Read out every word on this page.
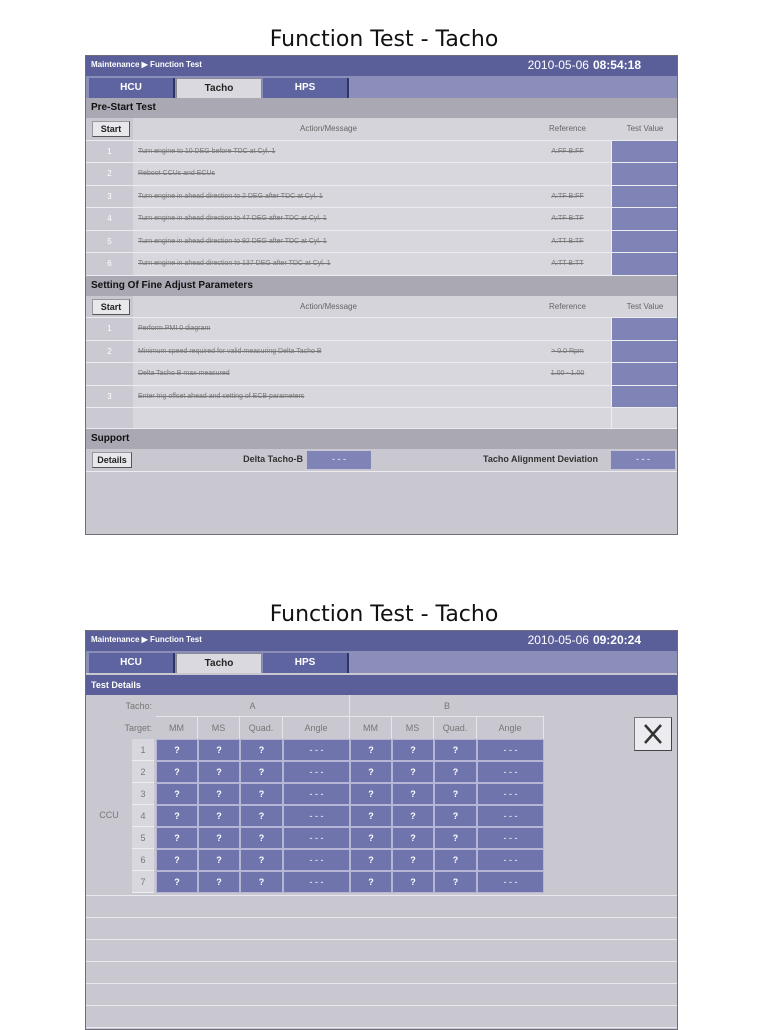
Function Test - Tacho
Maintenance ▶ Function Test	2010-05-06 08:54:18
HCU	Tacho	HPS
Pre-Start Test
Start	Action/Message	Reference	Test Value
1	Turn engine to 10 DEG before TDC at Cyl. 1	A:FF B:FF
2	Reboot CCUs and ECUs
3	Turn engine in ahead direction to 2 DEG after TDC at Cyl. 1	A:TF B:FF
4	Turn engine in ahead direction to 47 DEG after TDC at Cyl. 1	A:TF B:TF
5	Turn engine in ahead direction to 92 DEG after TDC at Cyl. 1	A:TT B:TF
6	Turn engine in ahead direction to 137 DEG after TDC at Cyl. 1	A:TT B:TT
Setting Of Fine Adjust Parameters
Start	Action/Message	Reference	Test Value
1	Perform PMI 0 diagram
2	Minimum speed required for valid measuring Delta Tacho B	> 0.0 Rpm
Delta Tacho B max measured	1.00 - 1.00
3	Enter trig offset ahead and setting of ECB parameters
Support
Details	Delta Tacho-B	- - -	Tacho Alignment Deviation	- - -
Function Test - Tacho
Maintenance ▶ Function Test	2010-05-06 09:20:24
HCU	Tacho	HPS
Test Details
Tacho:	A	B
Target:
CCU
MM	MS	Quad.	Angle	MM	MS	Quad.	Angle
1	?	?	?	- - -	?	?	?	- - -
2	?	?	?	- - -	?	?	?	- - -
3	?	?	?	- - -	?	?	?	- - -
4	?	?	?	- - -	?	?	?	- - -
5	?	?	?	- - -	?	?	?	- - -
6	?	?	?	- - -	?	?	?	- - -
7	?	?	?	- - -	?	?	?	- - -
